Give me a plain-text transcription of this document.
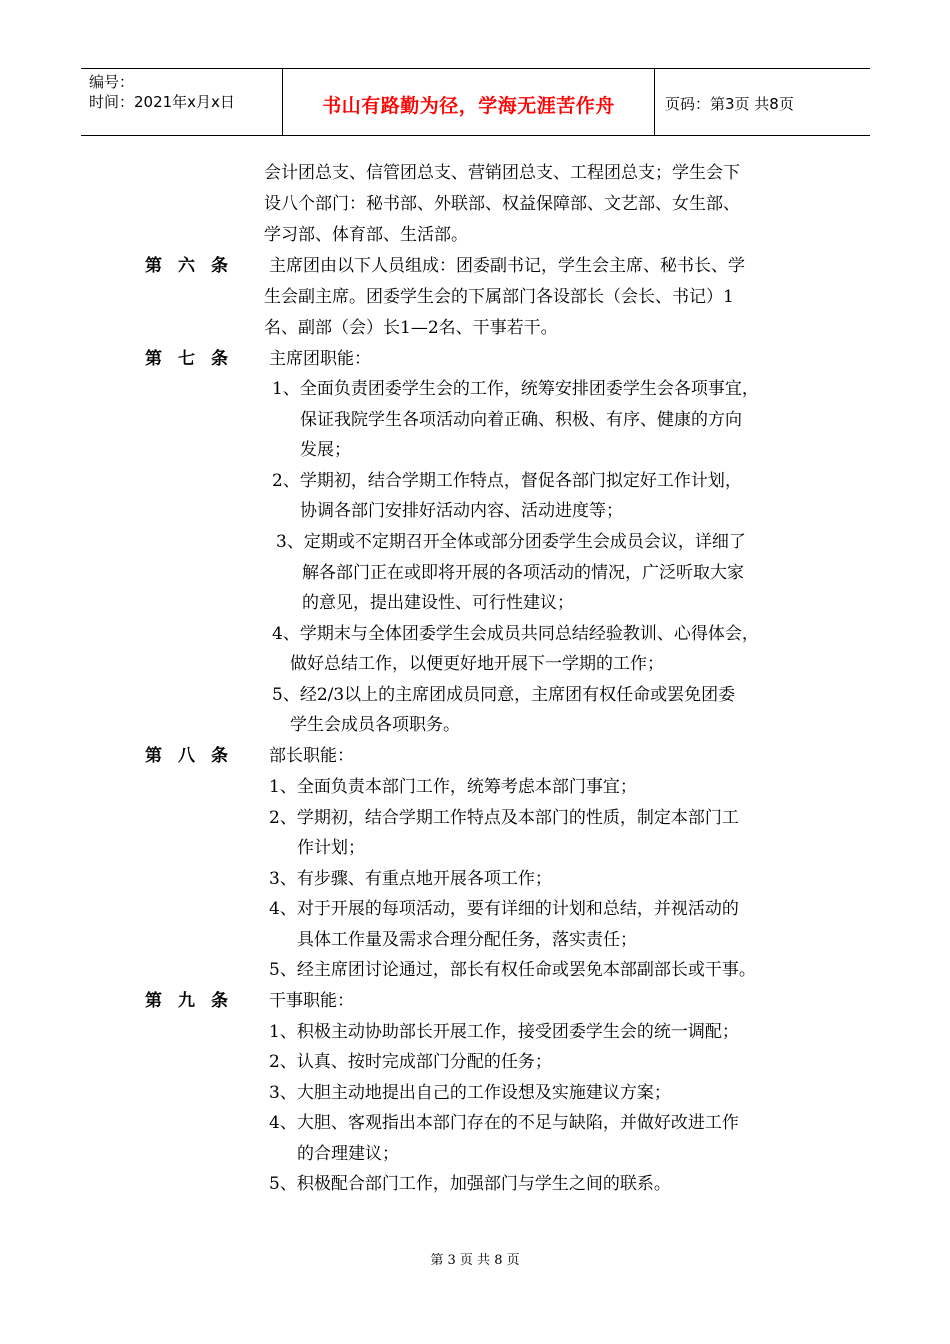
编号：
时间：2021年x月x日	书山有路勤为径，学海无涯苦作舟	页码：第3页 共8页
会计团总支、信管团总支、营销团总支、工程团总支；学生会下
设八个部门：秘书部、外联部、权益保障部、文艺部、女生部、
学习部、体育部、生活部。
第六条 主席团由以下人员组成：团委副书记，学生会主席、秘书长、学
生会副主席。团委学生会的下属部门各设部长（会长、书记）1
名、副部（会）长1—2名、干事若干。
第七条 主席团职能：
1、全面负责团委学生会的工作，统筹安排团委学生会各项事宜，
保证我院学生各项活动向着正确、积极、有序、健康的方向
发展；
2、学期初，结合学期工作特点，督促各部门拟定好工作计划，
协调各部门安排好活动内容、活动进度等；
3、定期或不定期召开全体或部分团委学生会成员会议，详细了
解各部门正在或即将开展的各项活动的情况，广泛听取大家
的意见，提出建设性、可行性建议；
4、学期末与全体团委学生会成员共同总结经验教训、心得体会，
做好总结工作，以便更好地开展下一学期的工作；
5、经2/3以上的主席团成员同意，主席团有权任命或罢免团委
学生会成员各项职务。
第八条 部长职能：
1、全面负责本部门工作，统筹考虑本部门事宜；
2、学期初，结合学期工作特点及本部门的性质，制定本部门工
作计划；
3、有步骤、有重点地开展各项工作；
4、对于开展的每项活动，要有详细的计划和总结，并视活动的
具体工作量及需求合理分配任务，落实责任；
5、经主席团讨论通过，部长有权任命或罢免本部副部长或干事。
第九条 干事职能：
1、积极主动协助部长开展工作，接受团委学生会的统一调配；
2、认真、按时完成部门分配的任务；
3、大胆主动地提出自己的工作设想及实施建议方案；
4、大胆、客观指出本部门存在的不足与缺陷，并做好改进工作
的合理建议；
5、积极配合部门工作，加强部门与学生之间的联系。
第 3 页 共 8 页
